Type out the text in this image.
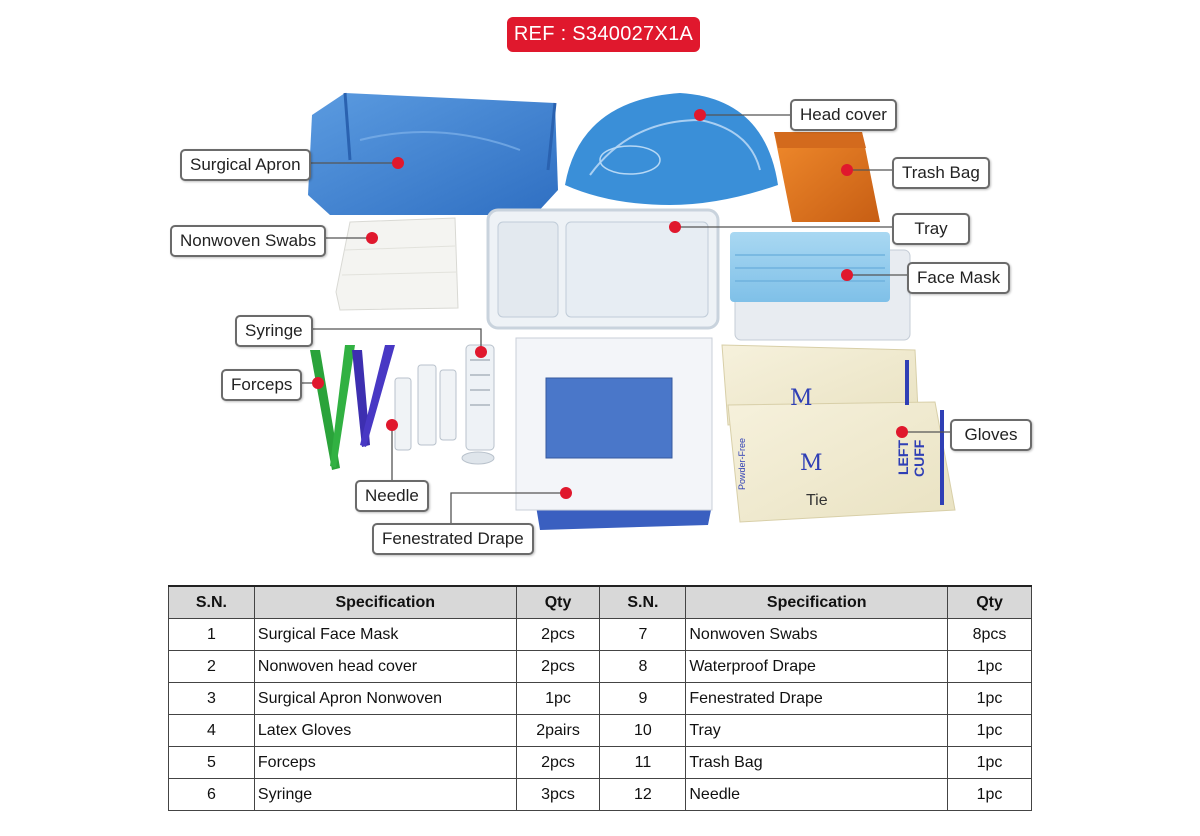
REF : S340027X1A
M
M	LEFT CUFF
Powder-Free
Tie
Surgical Apron
Head cover
Trash Bag
Nonwoven Swabs
Tray
Face Mask
Syringe
Forceps
Needle
Fenestrated Drape
Gloves
S.N.	Specification	Qty	S.N.	Specification	Qty
1	Surgical Face Mask	2pcs	7	Nonwoven Swabs	8pcs
2	Nonwoven head cover	2pcs	8	Waterproof Drape	1pc
3	Surgical Apron Nonwoven	1pc	9	Fenestrated Drape	1pc
4	Latex Gloves	2pairs	10	Tray	1pc
5	Forceps	2pcs	11	Trash Bag	1pc
6	Syringe	3pcs	12	Needle	1pc
